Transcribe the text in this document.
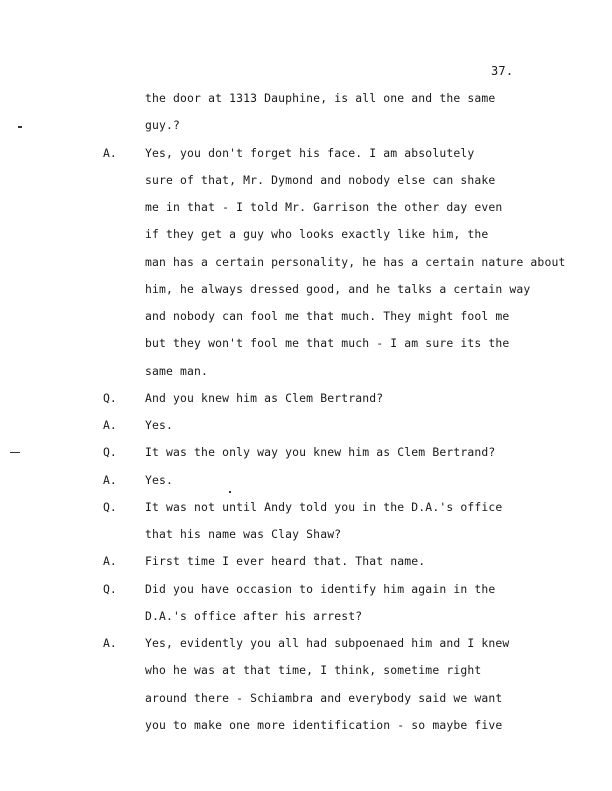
37.
the door at 1313 Dauphine, is all one and the same
guy.?
A. Yes, you don't forget his face. I am absolutely
sure of that, Mr. Dymond and nobody else can shake
me in that - I told Mr. Garrison the other day even
if they get a guy who looks exactly like him, the
man has a certain personality, he has a certain nature about
him, he always dressed good, and he talks a certain way
and nobody can fool me that much. They might fool me
but they won't fool me that much - I am sure its the
same man.
Q. And you knew him as Clem Bertrand?
A. Yes.
Q. It was the only way you knew him as Clem Bertrand?
A. Yes.
Q. It was not until Andy told you in the D.A.'s office
that his name was Clay Shaw?
A. First time I ever heard that. That name.
Q. Did you have occasion to identify him again in the
D.A.'s office after his arrest?
A. Yes, evidently you all had subpoenaed him and I knew
who he was at that time, I think, sometime right
around there - Schiambra and everybody said we want
you to make one more identification - so maybe five
